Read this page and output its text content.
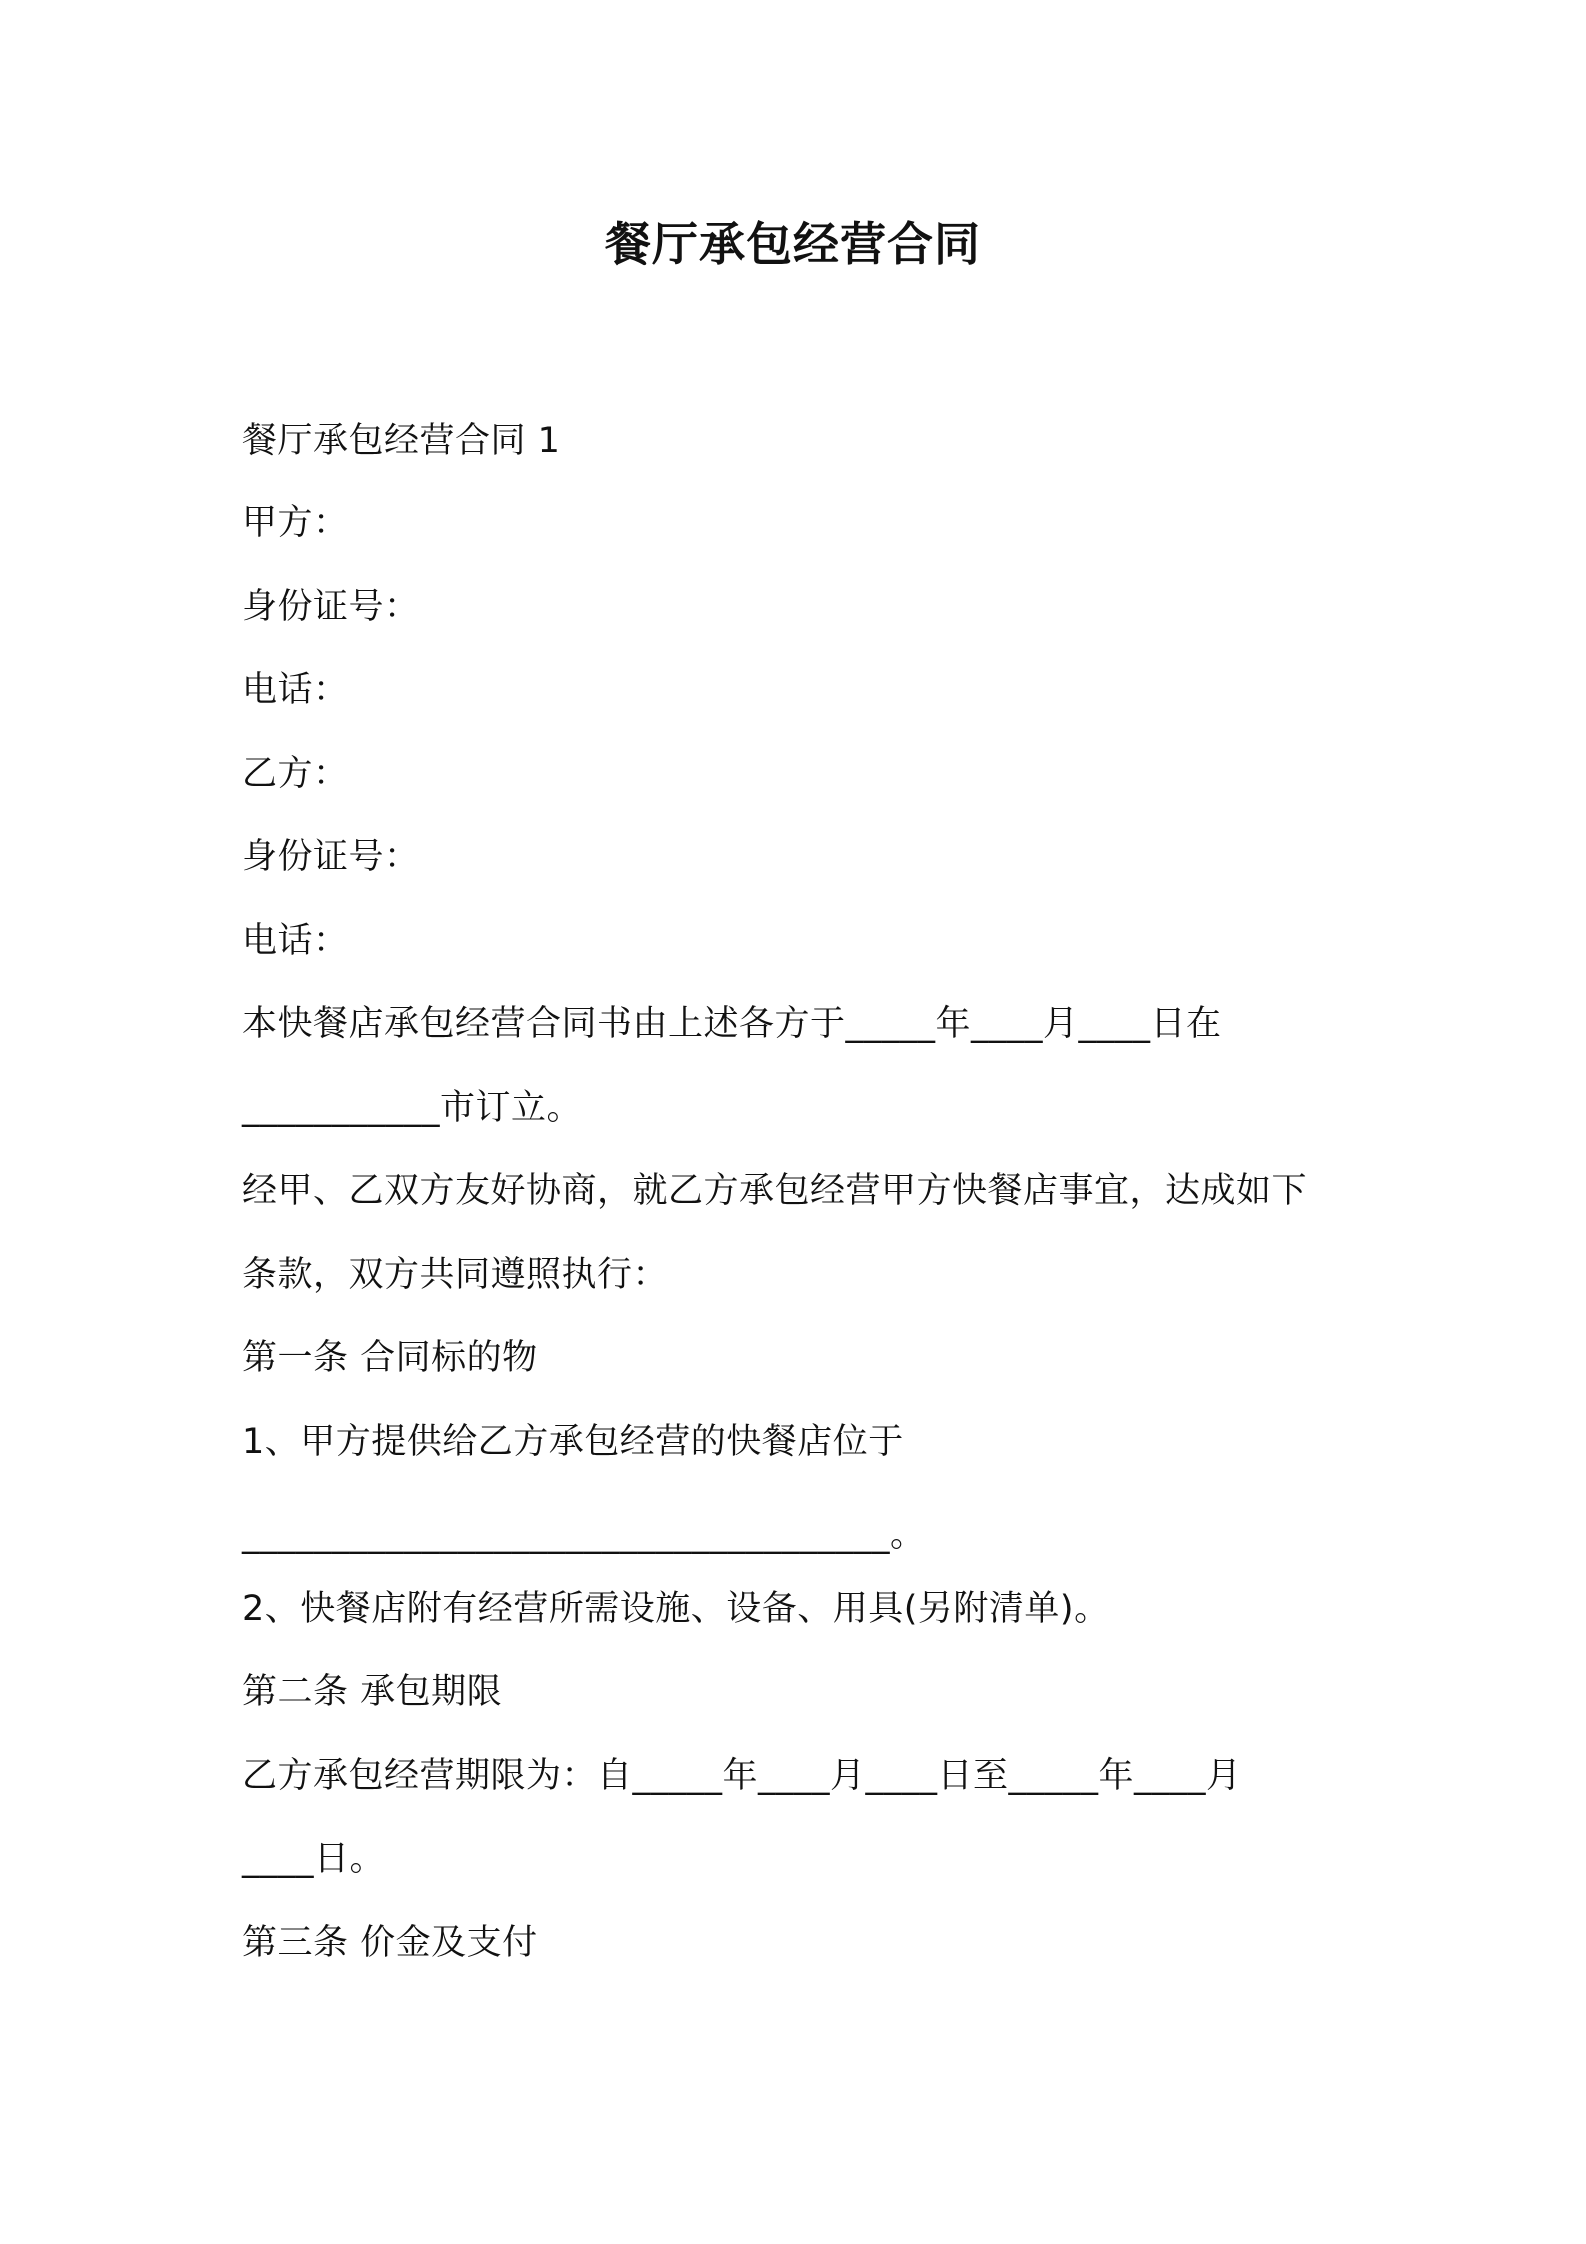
餐厅承包经营合同
餐厅承包经营合同 1
甲方：
身份证号：
电话：
乙方：
身份证号：
电话：
本快餐店承包经营合同书由上述各方于_____年____月____日在
___________市订立。
经甲、乙双方友好协商，就乙方承包经营甲方快餐店事宜，达成如下
条款，双方共同遵照执行：
第一条 合同标的物
1、甲方提供给乙方承包经营的快餐店位于
____________________________________。
2、快餐店附有经营所需设施、设备、用具(另附清单)。
第二条 承包期限
乙方承包经营期限为：自_____年____月____日至_____年____月
____日。
第三条 价金及支付
